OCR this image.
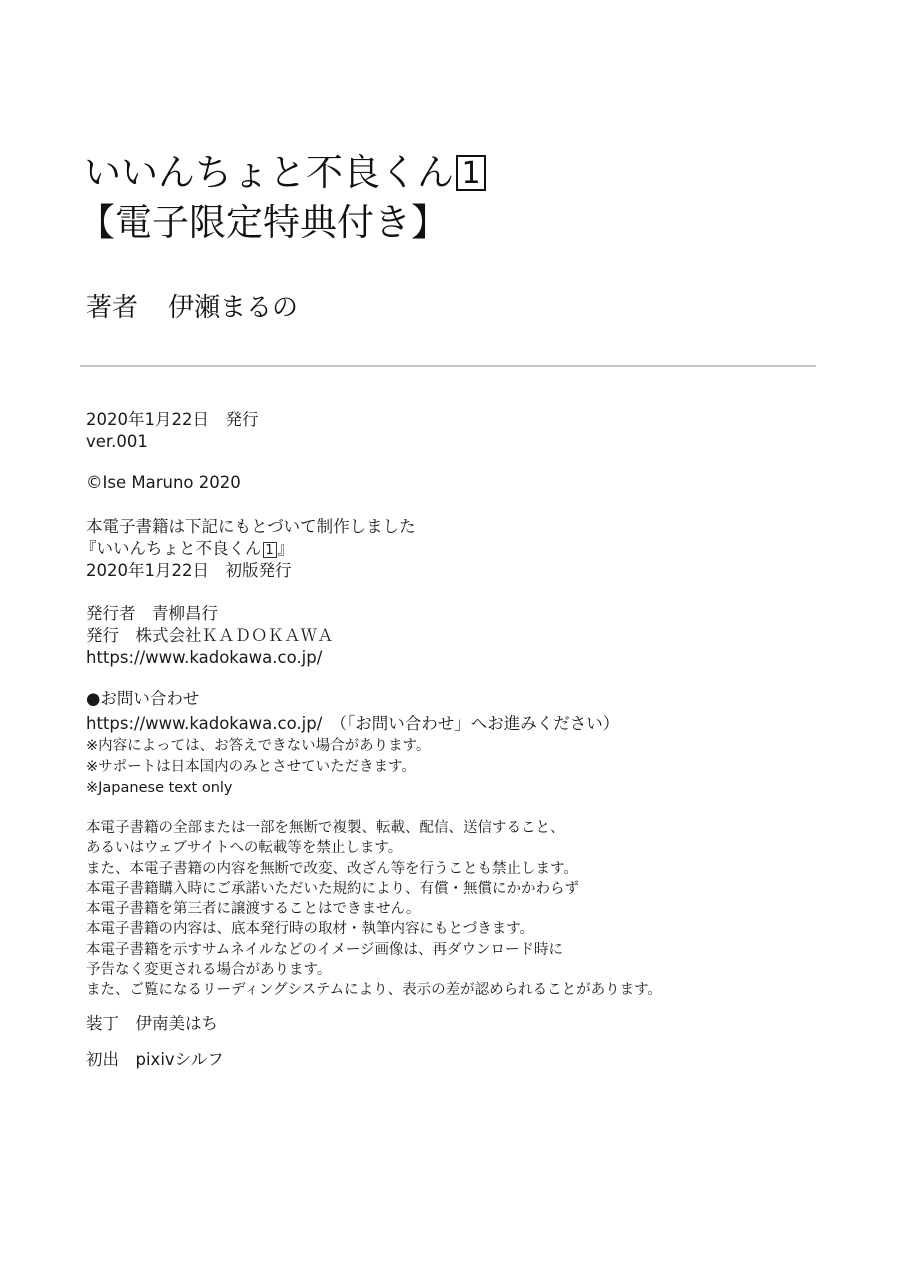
いいんちょと不良くん 1
【電子限定特典付き】
著者 伊瀬まるの
2020年1月22日　発行
ver.001
©Ise Maruno 2020
本電子書籍は下記にもとづいて制作しました
『いいんちょと不良くん 1 』
2020年1月22日　初版発行
発行者　青柳昌行
発行　株式会社ＫＡＤＯＫＡＷＡ
https://www.kadokawa.co.jp/
●お問い合わせ
https://www.kadokawa.co.jp/　（「お問い合わせ」へお進みください）
※内容によっては、お答えできない場合があります。
※サポートは日本国内のみとさせていただきます。
※Japanese text only
本電子書籍の全部または一部を無断で複製、転載、配信、送信すること、
あるいはウェブサイトへの転載等を禁止します。
また、本電子書籍の内容を無断で改変、改ざん等を行うことも禁止します。
本電子書籍購入時にご承諾いただいた規約により、有償・無償にかかわらず
本電子書籍を第三者に譲渡することはできません。
本電子書籍の内容は、底本発行時の取材・執筆内容にもとづきます。
本電子書籍を示すサムネイルなどのイメージ画像は、再ダウンロード時に
予告なく変更される場合があります。
また、ご覧になるリーディングシステムにより、表示の差が認められることがあります。
装丁　伊南美はち
初出　pixivシルフ
